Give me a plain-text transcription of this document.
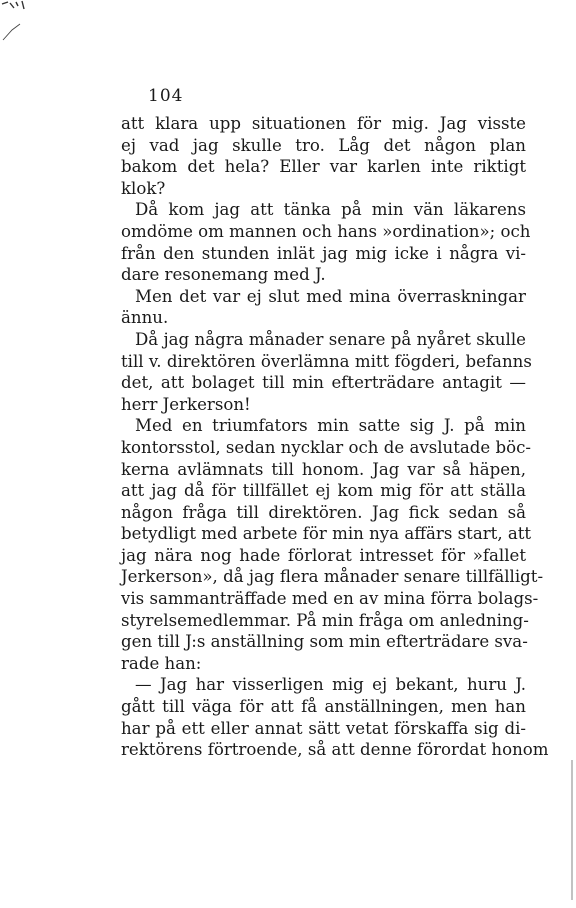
104
att klara upp situationen för mig. Jag visste
ej vad jag skulle tro. Låg det någon plan
bakom det hela? Eller var karlen inte riktigt
klok?
Då kom jag att tänka på min vän läkarens
omdöme om mannen och hans »ordination»; och
från den stunden inlät jag mig icke i några vi-
dare resonemang med J.
Men det var ej slut med mina överraskningar
ännu.
Då jag några månader senare på nyåret skulle
till v. direktören överlämna mitt fögderi, befanns
det, att bolaget till min efterträdare antagit —
herr Jerkerson!
Med en triumfators min satte sig J. på min
kontorsstol, sedan nycklar och de avslutade böc-
kerna avlämnats till honom. Jag var så häpen,
att jag då för tillfället ej kom mig för att ställa
någon fråga till direktören. Jag fick sedan så
betydligt med arbete för min nya affärs start, att
jag nära nog hade förlorat intresset för »fallet
Jerkerson», då jag flera månader senare tillfälligt-
vis sammanträffade med en av mina förra bolags-
styrelsemedlemmar. På min fråga om anledning-
gen till J:s anställning som min efterträdare sva-
rade han:
— Jag har visserligen mig ej bekant, huru J.
gått till väga för att få anställningen, men han
har på ett eller annat sätt vetat förskaffa sig di-
rektörens förtroende, så att denne förordat honom
